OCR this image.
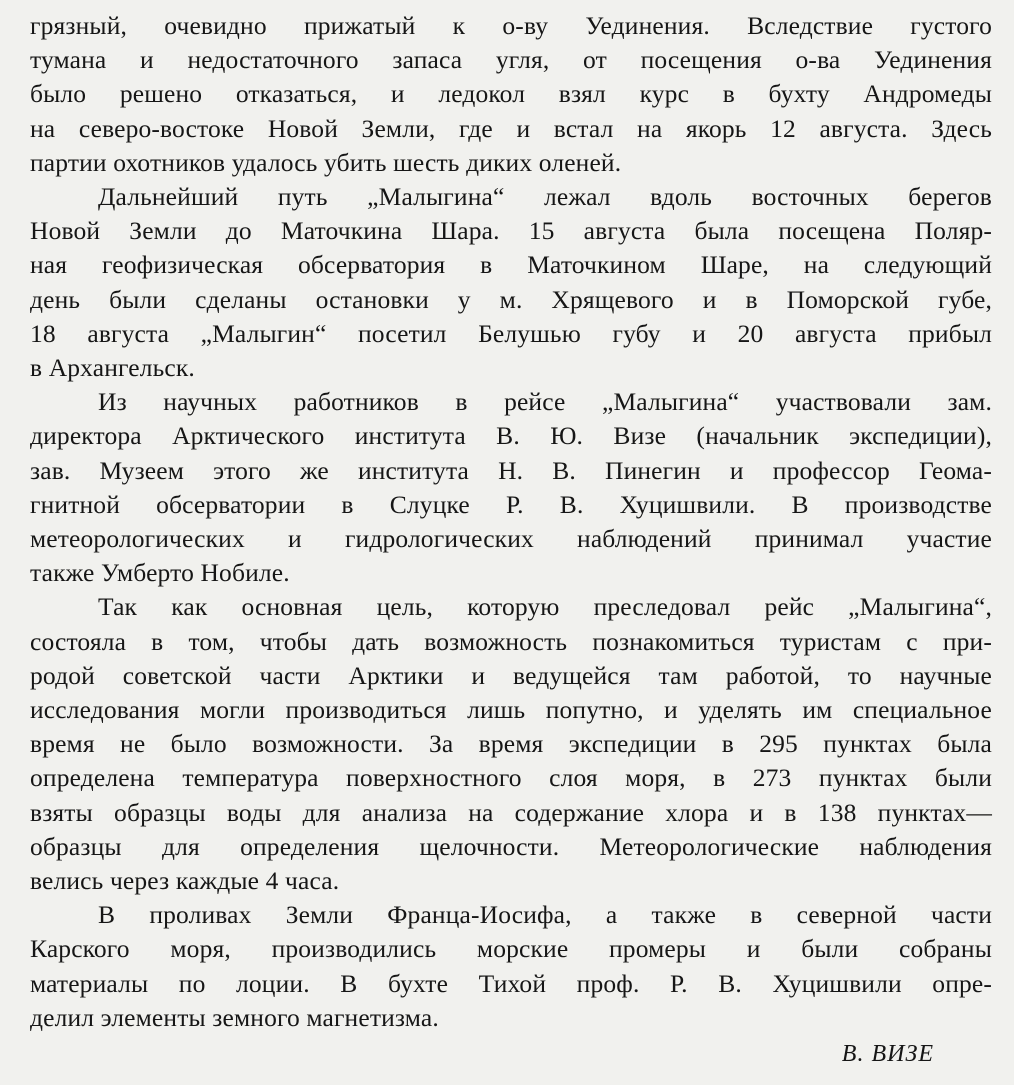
грязный, очевидно прижатый к о-ву Уединения. Вследствие густого
тумана и недостаточного запаса угля, от посещения о-ва Уединения
было решено отказаться, и ледокол взял курс в бухту Андромеды
на северо-востоке Новой Земли, где и встал на якорь 12 августа. Здесь
партии охотников удалось убить шесть диких оленей.
Дальнейший путь „Малыгина“ лежал вдоль восточных берегов
Новой Земли до Маточкина Шара. 15 августа была посещена Поляр-
ная геофизическая обсерватория в Маточкином Шаре, на следующий
день были сделаны остановки у м. Хрящевого и в Поморской губе,
18 августа „Малыгин“ посетил Белушью губу и 20 августа прибыл
в Архангельск.
Из научных работников в рейсе „Малыгина“ участвовали зам.
директора Арктического института В. Ю. Визе (начальник экспедиции),
зав. Музеем этого же института Н. В. Пинегин и профессор Геома-
гнитной обсерватории в Слуцке Р. В. Хуцишвили. В производстве
метеорологических и гидрологических наблюдений принимал участие
также Умберто Нобиле.
Так как основная цель, которую преследовал рейс „Малыгина“,
состояла в том, чтобы дать возможность познакомиться туристам с при-
родой советской части Арктики и ведущейся там работой, то научные
исследования могли производиться лишь попутно, и уделять им специальное
время не было возможности. За время экспедиции в 295 пунктах была
определена температура поверхностного слоя моря, в 273 пунктах были
взяты образцы воды для анализа на содержание хлора и в 138 пунктах—
образцы для определения щелочности. Метеорологические наблюдения
велись через каждые 4 часа.
В проливах Земли Франца-Иосифа, а также в северной части
Карского моря, производились морские промеры и были собраны
материалы по лоции. В бухте Тихой проф. Р. В. Хуцишвили опре-
делил элементы земного магнетизма.
В. ВИЗЕ
